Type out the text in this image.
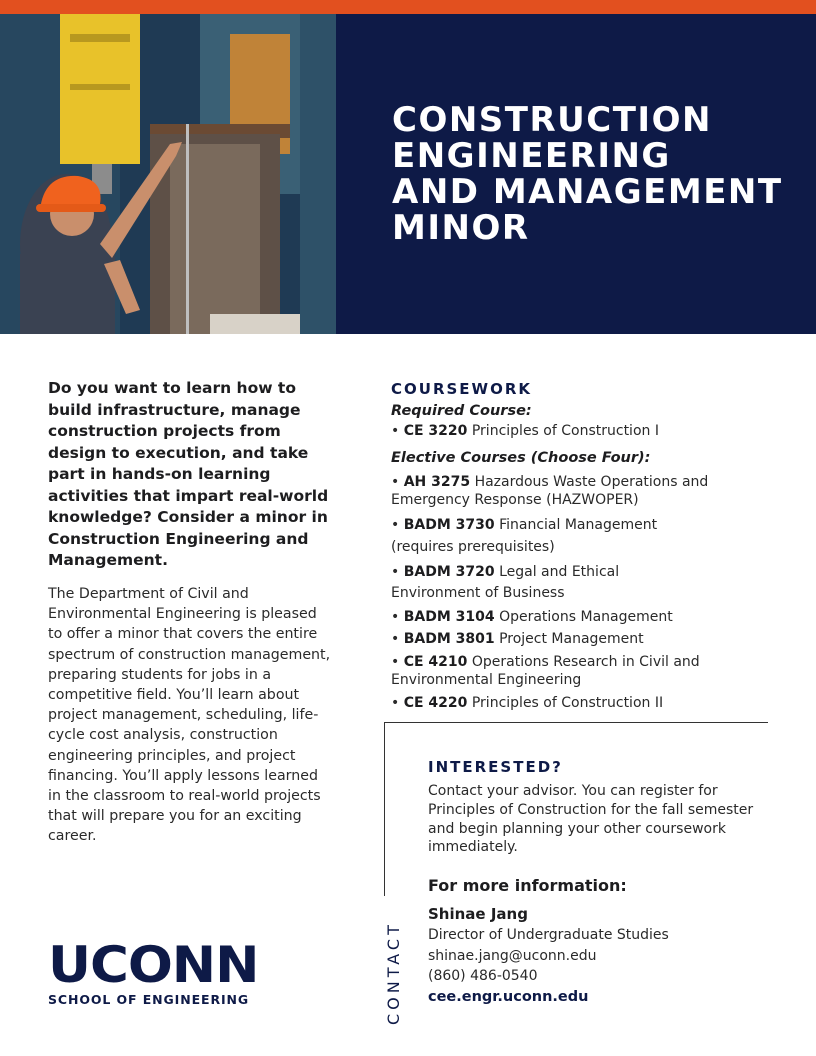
CONSTRUCTION
ENGINEERING
AND MANAGEMENT
MINOR

Do you want to learn how to build infrastructure, manage construction projects from design to execution, and take part in hands-on learning activities that impart real-world knowledge? Consider a minor in Construction Engineering and Management.

The Department of Civil and Environmental Engineering is pleased to offer a minor that covers the entire spectrum of construction management, preparing students for jobs in a competitive field. You’ll learn about project management, scheduling, life-cycle cost analysis, construction engineering principles, and project financing. You’ll apply lessons learned in the classroom to real-world projects that will prepare you for an exciting career.

UCONN
SCHOOL OF ENGINEERING
COURSEWORK

Required Course:

• CE 3220 Principles of Construction I

Elective Courses (Choose Four):

• AH 3275 Hazardous Waste Operations and Emergency Response (HAZWOPER)

• BADM 3730 Financial Management (requires prerequisites)

• BADM 3720 Legal and Ethical Environment of Business

• BADM 3104 Operations Management

• BADM 3801 Project Management

• CE 4210 Operations Research in Civil and Environmental Engineering

• CE 4220 Principles of Construction II

CONTACT
INTERESTED?

Contact your advisor. You can register for Principles of Construction for the fall semester and begin planning your other coursework immediately.

For more information:

Shinae Jang

Director of Undergraduate Studies

shinae.jang@uconn.edu

(860) 486-0540

cee.engr.uconn.edu
